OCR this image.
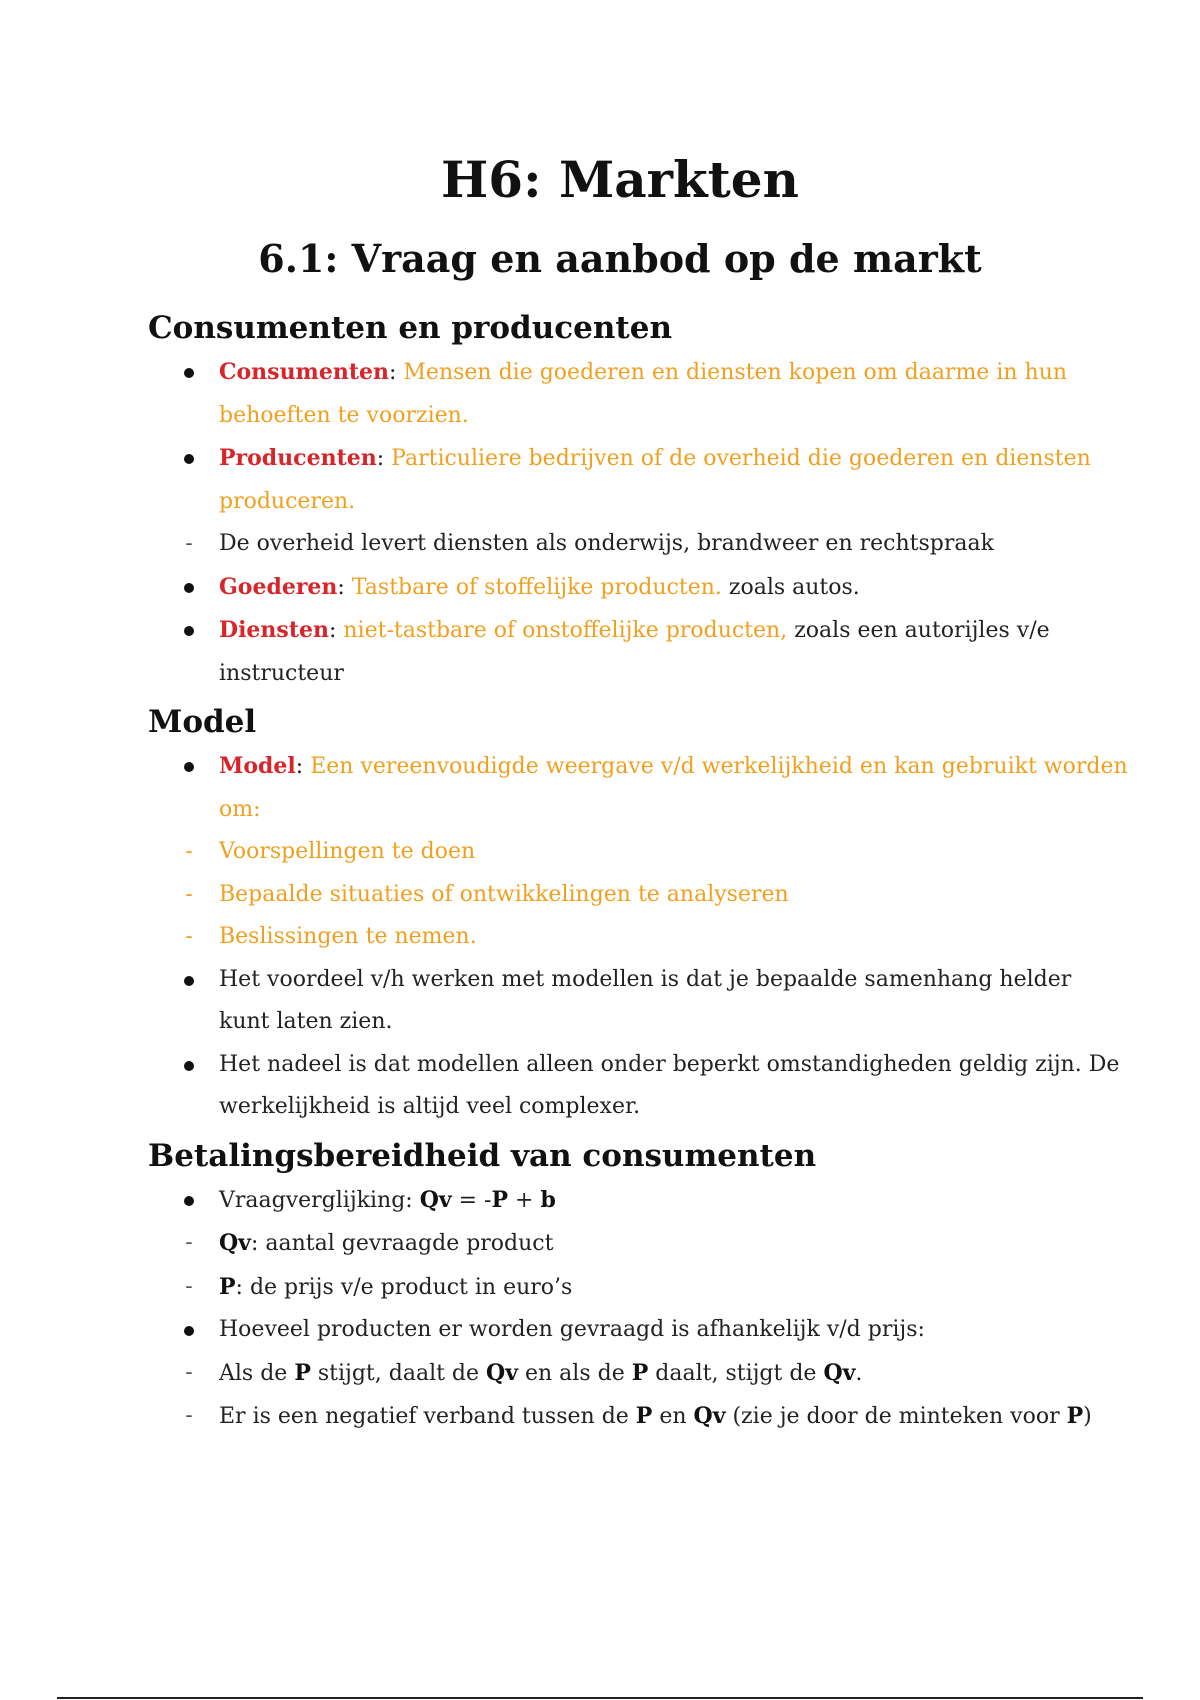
H6: Markten
6.1: Vraag en aanbod op de markt
Consumenten en producenten
Consumenten: Mensen die goederen en diensten kopen om daarme in hun behoeften te voorzien.
Producenten: Particuliere bedrijven of de overheid die goederen en diensten produceren.
-
De overheid levert diensten als onderwijs, brandweer en rechtspraak
Goederen: Tastbare of stoffelijke producten. zoals autos.
Diensten: niet-tastbare of onstoffelijke producten, zoals een autorijles v/e instructeur
Model
Model: Een vereenvoudigde weergave v/d werkelijkheid en kan gebruikt worden om:
-
Voorspellingen te doen
-
Bepaalde situaties of ontwikkelingen te analyseren
-
Beslissingen te nemen.
Het voordeel v/h werken met modellen is dat je bepaalde samenhang helder kunt laten zien.
Het nadeel is dat modellen alleen onder beperkt omstandigheden geldig zijn. De werkelijkheid is altijd veel complexer.
Betalingsbereidheid van consumenten
Vraagverglijking: Qv = -P + b
-
Qv: aantal gevraagde product
-
P: de prijs v/e product in euro’s
Hoeveel producten er worden gevraagd is afhankelijk v/d prijs:
-
Als de P stijgt, daalt de Qv en als de P daalt, stijgt de Qv.
-
Er is een negatief verband tussen de P en Qv (zie je door de minteken voor P)
